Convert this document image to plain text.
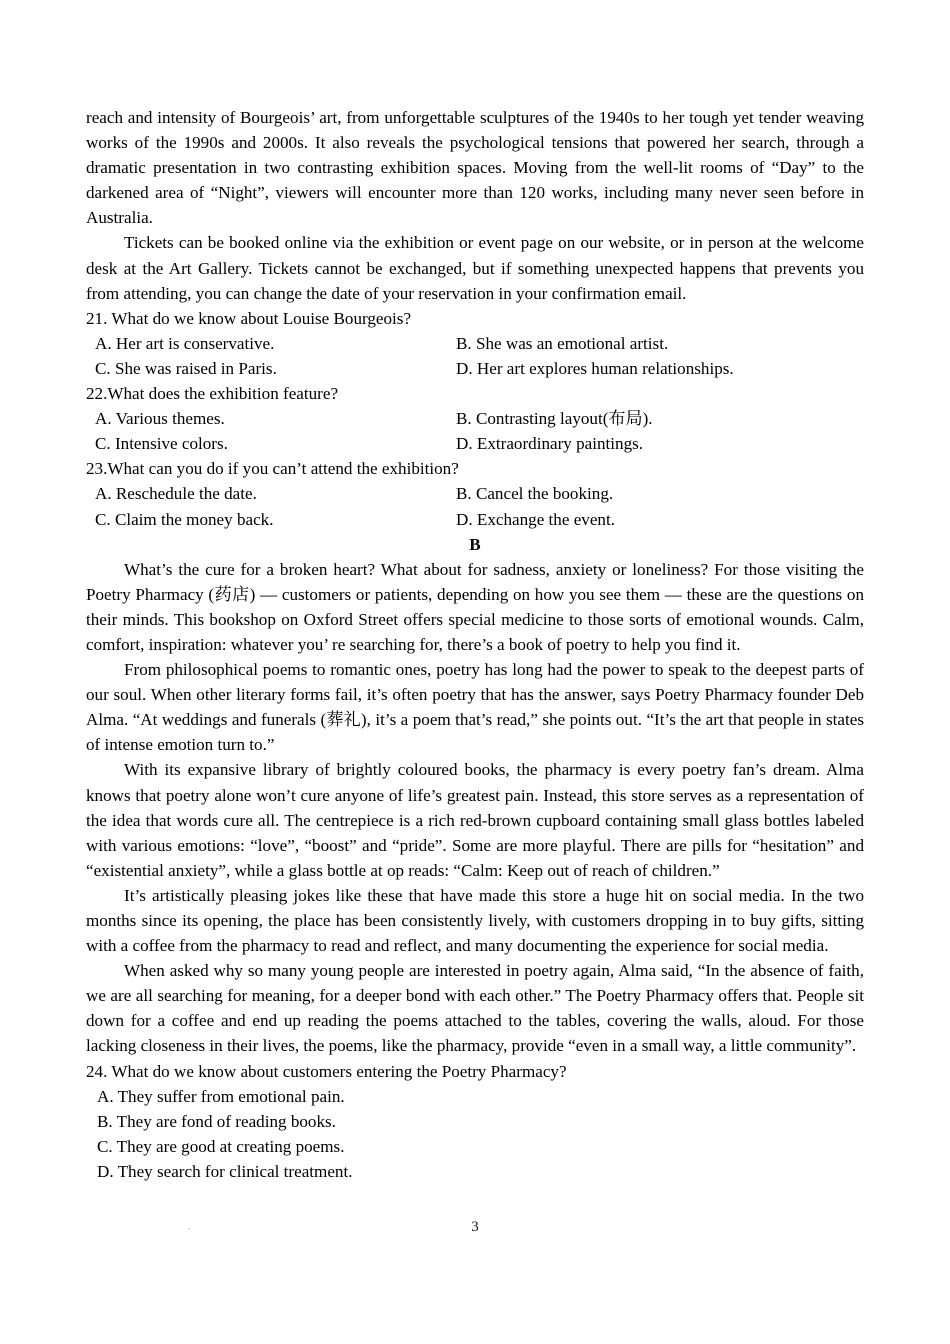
reach and intensity of Bourgeois’ art, from unforgettable sculptures of the 1940s to her tough yet tender weaving works of the 1990s and 2000s. It also reveals the psychological tensions that powered her search, through a dramatic presentation in two contrasting exhibition spaces. Moving from the well-lit rooms of “Day” to the darkened area of “Night”, viewers will encounter more than 120 works, including many never seen before in Australia.

Tickets can be booked online via the exhibition or event page on our website, or in person at the welcome desk at the Art Gallery. Tickets cannot be exchanged, but if something unexpected happens that prevents you from attending, you can change the date of your reservation in your confirmation email.

21. What do we know about Louise Bourgeois?

A. Her art is conservative.	B. She was an emotional artist.
C. She was raised in Paris.	D. Her art explores human relationships.

22.What does the exhibition feature?

A. Various themes.	B. Contrasting layout(布局).
C. Intensive colors.	D. Extraordinary paintings.

23.What can you do if you can’t attend the exhibition?

A. Reschedule the date.	B. Cancel the booking.
C. Claim the money back.	D. Exchange the event.

B

What’s the cure for a broken heart? What about for sadness, anxiety or loneliness? For those visiting the Poetry Pharmacy (药店) — customers or patients, depending on how you see them — these are the questions on their minds. This bookshop on Oxford Street offers special medicine to those sorts of emotional wounds. Calm, comfort, inspiration: whatever you’ re searching for, there’s a book of poetry to help you find it.

From philosophical poems to romantic ones, poetry has long had the power to speak to the deepest parts of our soul. When other literary forms fail, it’s often poetry that has the answer, says Poetry Pharmacy founder Deb Alma. “At weddings and funerals (葬礼), it’s a poem that’s read,” she points out. “It’s the art that people in states of intense emotion turn to.”

With its expansive library of brightly coloured books, the pharmacy is every poetry fan’s dream. Alma knows that poetry alone won’t cure anyone of life’s greatest pain. Instead, this store serves as a representation of the idea that words cure all. The centrepiece is a rich red-brown cupboard containing small glass bottles labeled with various emotions: “love”, “boost” and “pride”. Some are more playful. There are pills for “hesitation” and “existential anxiety”, while a glass bottle at op reads: “Calm: Keep out of reach of children.”

It’s artistically pleasing jokes like these that have made this store a huge hit on social media. In the two months since its opening, the place has been consistently lively, with customers dropping in to buy gifts, sitting with a coffee from the pharmacy to read and reflect, and many documenting the experience for social media.

When asked why so many young people are interested in poetry again, Alma said, “In the absence of faith, we are all searching for meaning, for a deeper bond with each other.” The Poetry Pharmacy offers that. People sit down for a coffee and end up reading the poems attached to the tables, covering the walls, aloud. For those lacking closeness in their lives, the poems, like the pharmacy, provide “even in a small way, a little community”.

24. What do we know about customers entering the Poetry Pharmacy?

A. They suffer from emotional pain.
B. They are fond of reading books.
C. They are good at creating poems.
D. They search for clinical treatment.
3
